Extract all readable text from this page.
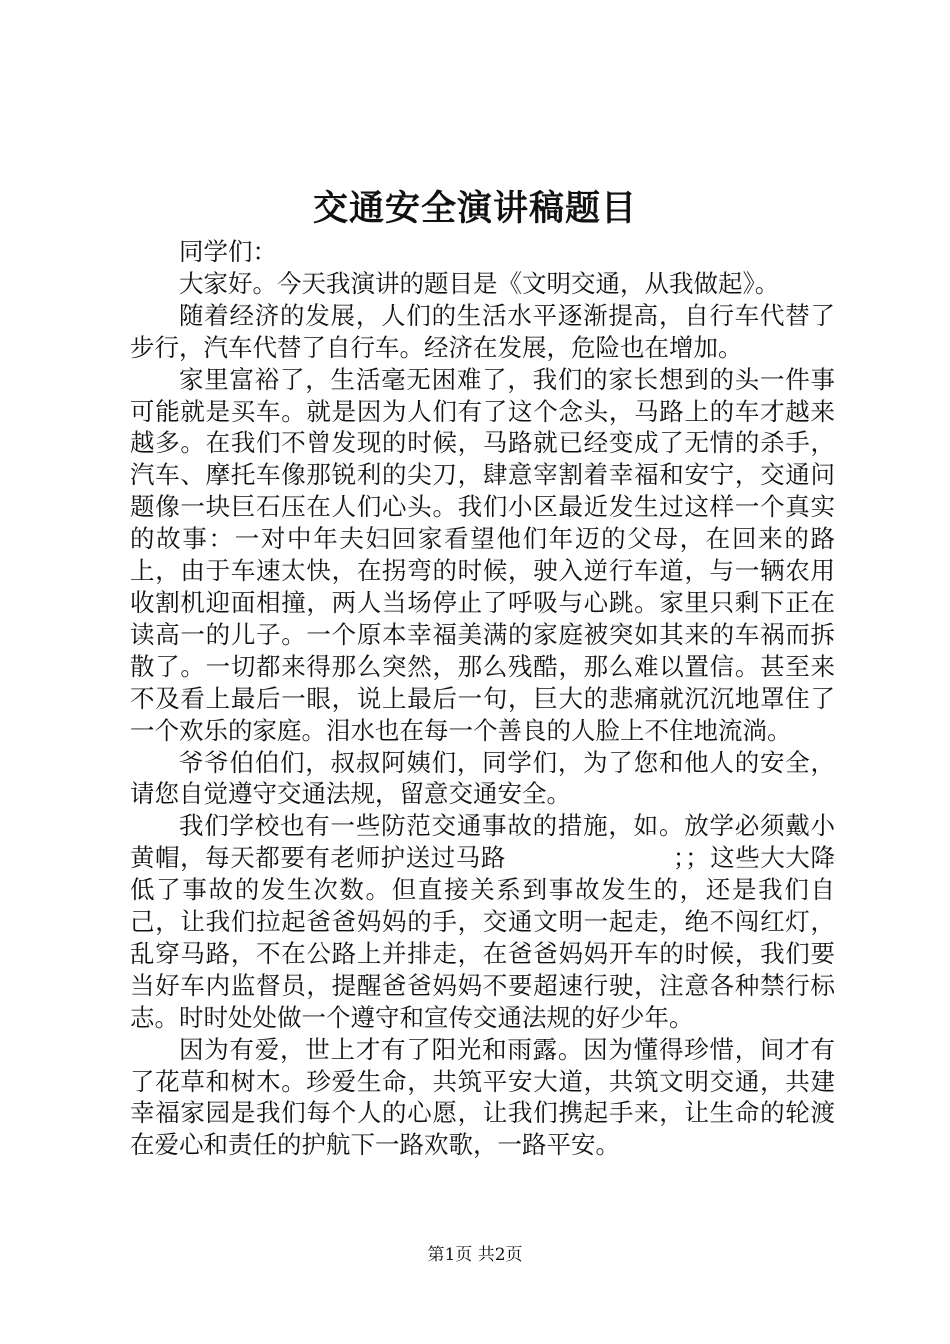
交通安全演讲稿题目

同学们：

大家好。今天我演讲的题目是《文明交通，从我做起》。

随着经济的发展，人们的生活水平逐渐提高，自行车代替了步行，汽车代替了自行车。经济在发展，危险也在增加。

家里富裕了，生活毫无困难了，我们的家长想到的头一件事可能就是买车。就是因为人们有了这个念头，马路上的车才越来越多。在我们不曾发现的时候，马路就已经变成了无情的杀手，汽车、摩托车像那锐利的尖刀，肆意宰割着幸福和安宁，交通问题像一块巨石压在人们心头。我们小区最近发生过这样一个真实的故事：一对中年夫妇回家看望他们年迈的父母，在回来的路上，由于车速太快，在拐弯的时候，驶入逆行车道，与一辆农用收割机迎面相撞，两人当场停止了呼吸与心跳。家里只剩下正在读高一的儿子。一个原本幸福美满的家庭被突如其来的车祸而拆散了。一切都来得那么突然，那么残酷，那么难以置信。甚至来不及看上最后一眼，说上最后一句，巨大的悲痛就沉沉地罩住了一个欢乐的家庭。泪水也在每一个善良的人脸上不住地流淌。

爷爷伯伯们，叔叔阿姨们，同学们，为了您和他人的安全，请您自觉遵守交通法规，留意交通安全。

我们学校也有一些防范交通事故的措施，如。放学必须戴小黄帽，每天都要有老师护送过马路                    ；；这些大大降低了事故的发生次数。但直接关系到事故发生的，还是我们自己，让我们拉起爸爸妈妈的手，交通文明一起走，绝不闯红灯，乱穿马路，不在公路上并排走，在爸爸妈妈开车的时候，我们要当好车内监督员，提醒爸爸妈妈不要超速行驶，注意各种禁行标志。时时处处做一个遵守和宣传交通法规的好少年。

因为有爱，世上才有了阳光和雨露。因为懂得珍惜，间才有了花草和树木。珍爱生命，共筑平安大道，共筑文明交通，共建幸福家园是我们每个人的心愿，让我们携起手来，让生命的轮渡在爱心和责任的护航下一路欢歌，一路平安。

第1页 共2页
